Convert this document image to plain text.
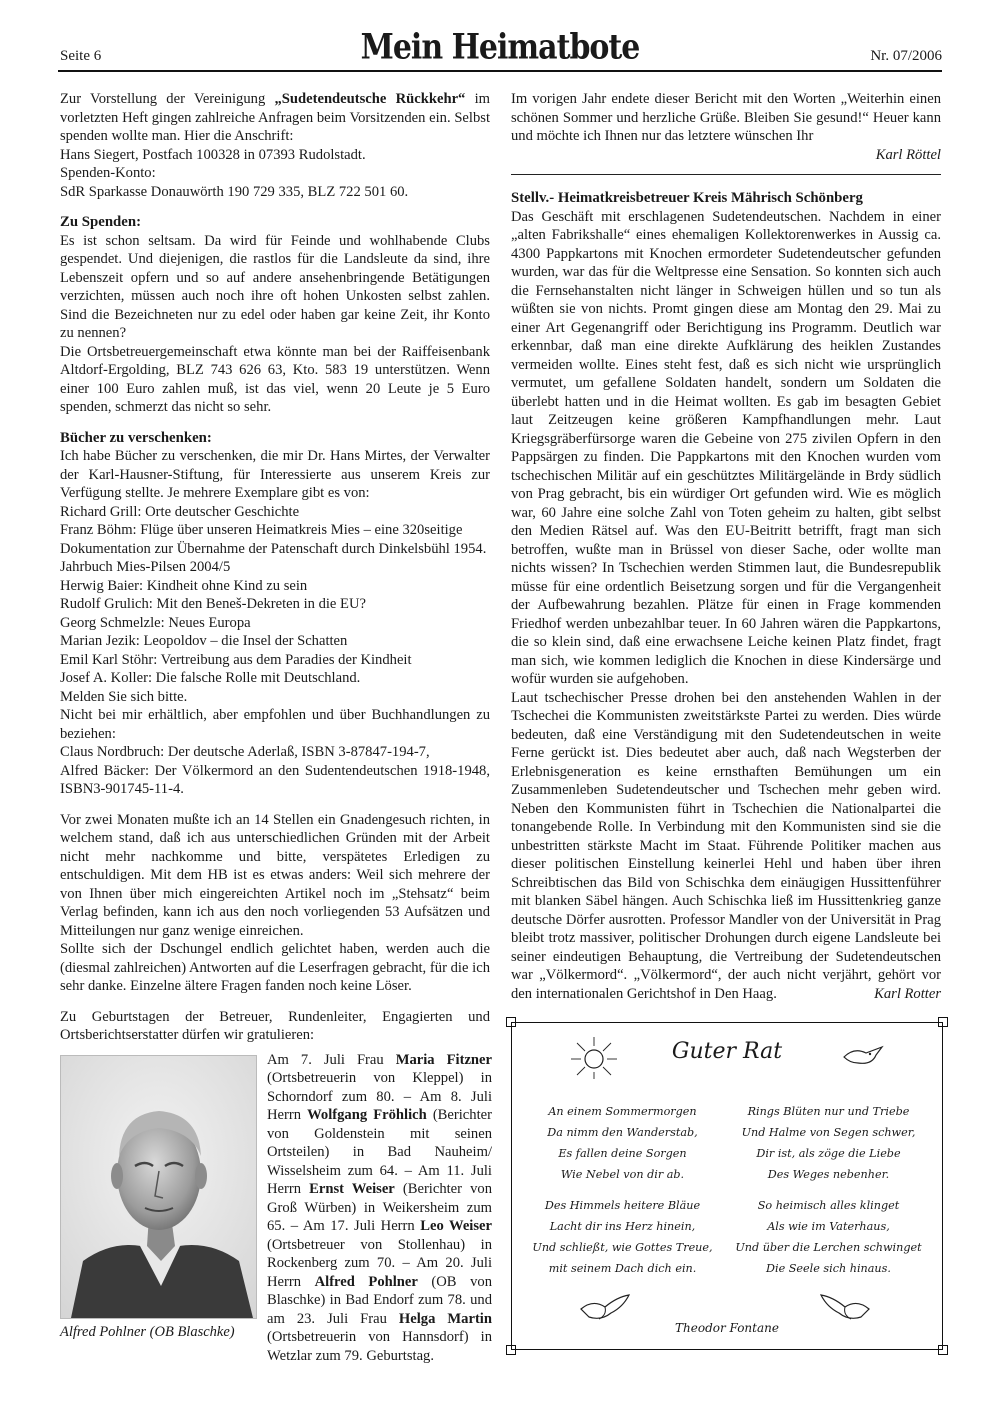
Seite 6	Mein Heimatbote	Nr. 07/2006

Zur Vorstellung der Vereinigung „Sudetendeutsche Rückkehr“ im vorletzten Heft gingen zahlreiche Anfragen beim Vorsitzenden ein. Selbst spenden wollte man. Hier die Anschrift:

Hans Siegert, Postfach 100328 in 07393 Rudolstadt.

Spenden-Konto:

SdR Sparkasse Donauwörth 190 729 335, BLZ 722 501 60.

Zu Spenden:

Es ist schon seltsam. Da wird für Feinde und wohlhabende Clubs gespendet. Und diejenigen, die rastlos für die Landsleute da sind, ihre Lebenszeit opfern und so auf andere ansehenbringende Betätigungen verzichten, müssen auch noch ihre oft hohen Unkosten selbst zahlen. Sind die Bezeichneten nur zu edel oder haben gar keine Zeit, ihr Konto zu nennen?

Die Ortsbetreuergemeinschaft etwa könnte man bei der Raiffeisenbank Altdorf-Ergolding, BLZ 743 626 63, Kto. 583 19 unterstützen. Wenn einer 100 Euro zahlen muß, ist das viel, wenn 20 Leute je 5 Euro spenden, schmerzt das nicht so sehr.

Bücher zu verschenken:

Ich habe Bücher zu verschenken, die mir Dr. Hans Mirtes, der Verwalter der Karl-Hausner-Stiftung, für Interessierte aus unserem Kreis zur Verfügung stellte. Je mehrere Exemplare gibt es von:

Richard Grill: Orte deutscher Geschichte

Franz Böhm: Flüge über unseren Heimatkreis Mies – eine 320seitige Dokumentation zur Übernahme der Patenschaft durch Dinkelsbühl 1954.

Jahrbuch Mies-Pilsen 2004/5

Herwig Baier: Kindheit ohne Kind zu sein

Rudolf Grulich: Mit den Beneš-Dekreten in die EU?

Georg Schmelzle: Neues Europa

Marian Jezik: Leopoldov – die Insel der Schatten

Emil Karl Stöhr: Vertreibung aus dem Paradies der Kindheit

Josef A. Koller: Die falsche Rolle mit Deutschland.

Melden Sie sich bitte.

Nicht bei mir erhältlich, aber empfohlen und über Buchhandlungen zu beziehen:

Claus Nordbruch: Der deutsche Aderlaß, ISBN 3-87847-194-7,

Alfred Bäcker: Der Völkermord an den Sudentendeutschen 1918-1948, ISBN3-901745-11-4.

Vor zwei Monaten mußte ich an 14 Stellen ein Gnadengesuch richten, in welchem stand, daß ich aus unterschiedlichen Gründen mit der Arbeit nicht mehr nachkomme und bitte, verspätetes Erledigen zu entschuldigen. Mit dem HB ist es etwas anders: Weil sich mehrere der von Ihnen über mich eingereichten Artikel noch im „Stehsatz“ beim Verlag befinden, kann ich aus den noch vorliegenden 53 Aufsätzen und Mitteilungen nur ganz wenige einreichen.

Sollte sich der Dschungel endlich gelichtet haben, werden auch die (diesmal zahlreichen) Antworten auf die Leserfragen gebracht, für die ich sehr danke. Einzelne ältere Fragen fanden noch keine Löser.

Zu Geburtstagen der Betreuer, Rundenleiter, Engagierten und Ortsberichtserstatter dürfen wir gratulieren:

Alfred Pohlner (OB Blaschke)
Am 7. Juli Frau Maria Fitzner (Ortsbetreuerin von Kleppel) in Schorndorf zum 80. – Am 8. Juli Herrn Wolfgang Fröhlich (Berichter von Goldenstein mit seinen Ortsteilen) in Bad Nauheim/ Wisselsheim zum 64. – Am 11. Juli Herrn Ernst Weiser (Berichter von Groß Würben) in Weikersheim zum 65. – Am 17. Juli Herrn Leo Weiser (Ortsbetreuer von Stollenhau) in Rockenberg zum 70. – Am 20. Juli Herrn Alfred Pohlner (OB von Blaschke) in Bad Endorf zum 78. und am 23. Juli Frau Helga Martin (Ortsbetreuerin von Hannsdorf) in Wetzlar zum 79. Geburtstag.

Im vorigen Jahr endete dieser Bericht mit den Worten „Weiterhin einen schönen Sommer und herzliche Grüße. Bleiben Sie gesund!“ Heuer kann und möchte ich Ihnen nur das letztere wünschen Ihr

Karl Röttel

Stellv.- Heimatkreisbetreuer Kreis Mährisch Schönberg

Das Geschäft mit erschlagenen Sudetendeutschen. Nachdem in einer „alten Fabrikshalle“ eines ehemaligen Kollektorenwerkes in Aussig ca. 4300 Pappkartons mit Knochen ermordeter Sudetendeutscher gefunden wurden, war das für die Weltpresse eine Sensation. So konnten sich auch die Fernsehanstalten nicht länger in Schweigen hüllen und so tun als wüßten sie von nichts. Promt gingen diese am Montag den 29. Mai zu einer Art Gegenangriff oder Berichtigung ins Programm. Deutlich war erkennbar, daß man eine direkte Aufklärung des heiklen Zustandes vermeiden wollte. Eines steht fest, daß es sich nicht wie ursprünglich vermutet, um gefallene Soldaten handelt, sondern um Soldaten die überlebt hatten und in die Heimat wollten. Es gab im besagten Gebiet laut Zeitzeugen keine größeren Kampfhandlungen mehr. Laut Kriegsgräberfürsorge waren die Gebeine von 275 zivilen Opfern in den Pappsärgen zu finden. Die Pappkartons mit den Knochen wurden vom tschechischen Militär auf ein geschütztes Militärgelände in Brdy südlich von Prag gebracht, bis ein würdiger Ort gefunden wird. Wie es möglich war, 60 Jahre eine solche Zahl von Toten geheim zu halten, gibt selbst den Medien Rätsel auf. Was den EU-Beitritt betrifft, fragt man sich betroffen, wußte man in Brüssel von dieser Sache, oder wollte man nichts wissen? In Tschechien werden Stimmen laut, die Bundesrepublik müsse für eine ordentlich Beisetzung sorgen und für die Vergangenheit der Aufbewahrung bezahlen. Plätze für einen in Frage kommenden Friedhof werden unbezahlbar teuer. In 60 Jahren wären die Pappkartons, die so klein sind, daß eine erwachsene Leiche keinen Platz findet, fragt man sich, wie kommen lediglich die Knochen in diese Kindersärge und wofür wurden sie aufgehoben.

Laut tschechischer Presse drohen bei den anstehenden Wahlen in der Tschechei die Kommunisten zweitstärkste Partei zu werden. Dies würde bedeuten, daß eine Verständigung mit den Sudetendeutschen in weite Ferne gerückt ist. Dies bedeutet aber auch, daß nach Wegsterben der Erlebnisgeneration es keine ernsthaften Bemühungen um ein Zusammenleben Sudetendeutscher und Tschechen mehr geben wird. Neben den Kommunisten führt in Tschechien die Nationalpartei die tonangebende Rolle. In Verbindung mit den Kommunisten sind sie die unbestritten stärkste Macht im Staat. Führende Politiker machen aus dieser politischen Einstellung keinerlei Hehl und haben über ihren Schreibtischen das Bild von Schischka dem einäugigen Hussittenführer mit blanken Säbel hängen. Auch Schischka ließ im Hussittenkrieg ganze deutsche Dörfer ausrotten. Professor Mandler von der Universität in Prag bleibt trotz massiver, politischer Drohungen durch eigene Landsleute bei seiner eindeutigen Behauptung, die Vertreibung der Sudetendeutschen war „Völkermord“. „Völkermord“, der auch nicht verjährt, gehört vor den internationalen Gerichtshof in Den Haag.	Karl Rotter

Guter Rat
An einem Sommermorgen
Da nimm den Wanderstab,
Es fallen deine Sorgen
Wie Nebel von dir ab.
Rings Blüten nur und Triebe
Und Halme von Segen schwer,
Dir ist, als zöge die Liebe
Des Weges nebenher.
Des Himmels heitere Bläue
Lacht dir ins Herz hinein,
Und schließt, wie Gottes Treue,
mit seinem Dach dich ein.
So heimisch alles klinget
Als wie im Vaterhaus,
Und über die Lerchen schwinget
Die Seele sich hinaus.
Theodor Fontane
